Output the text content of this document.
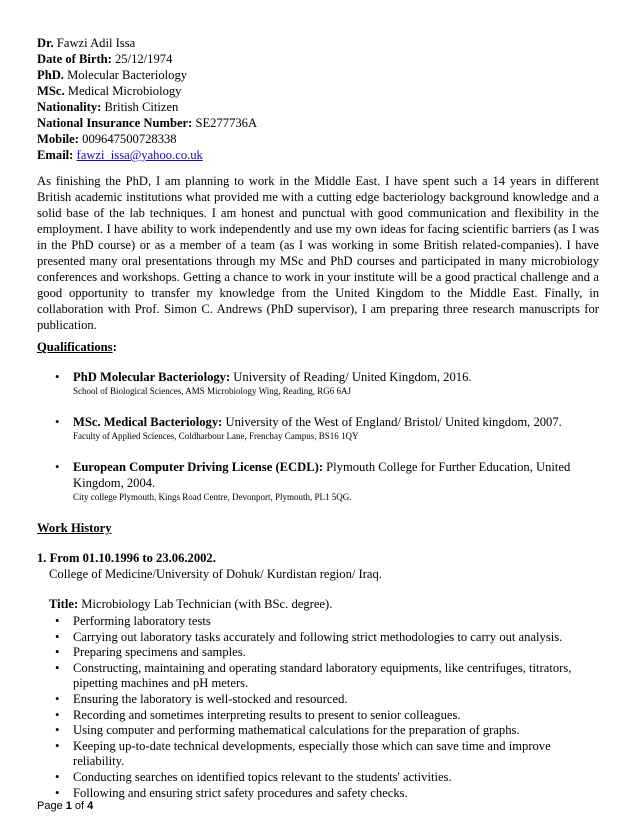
Dr. Fawzi Adil Issa
Date of Birth: 25/12/1974
PhD. Molecular Bacteriology
MSc. Medical Microbiology
Nationality: British Citizen
National Insurance Number: SE277736A
Mobile: 009647500728338
Email: fawzi_issa@yahoo.co.uk
As finishing the PhD, I am planning to work in the Middle East. I have spent such a 14 years in different British academic institutions what provided me with a cutting edge bacteriology background knowledge and a solid base of the lab techniques. I am honest and punctual with good communication and flexibility in the employment. I have ability to work independently and use my own ideas for facing scientific barriers (as I was in the PhD course) or as a member of a team (as I was working in some British related-companies). I have presented many oral presentations through my MSc and PhD courses and participated in many microbiology conferences and workshops. Getting a chance to work in your institute will be a good practical challenge and a good opportunity to transfer my knowledge from the United Kingdom to the Middle East. Finally, in collaboration with Prof. Simon C. Andrews (PhD supervisor), I am preparing three research manuscripts for publication.
Qualifications:
• PhD Molecular Bacteriology: University of Reading/ United Kingdom, 2016.
School of Biological Sciences, AMS Microbiology Wing, Reading, RG6 6AJ
• MSc. Medical Bacteriology: University of the West of England/ Bristol/ United kingdom, 2007.
Faculty of Applied Sciences, Coldharbour Lane, Frenchay Campus, BS16 1QY
• European Computer Driving License (ECDL): Plymouth College for Further Education, United Kingdom, 2004.
City college Plymouth, Kings Road Centre, Devonport, Plymouth, PL1 5QG.
Work History
1. From 01.10.1996 to 23.06.2002.
College of Medicine/University of Dohuk/ Kurdistan region/ Iraq.
Title: Microbiology Lab Technician (with BSc. degree).
• Performing laboratory tests
• Carrying out laboratory tasks accurately and following strict methodologies to carry out analysis.
• Preparing specimens and samples.
• Constructing, maintaining and operating standard laboratory equipments, like centrifuges, titrators, pipetting machines and pH meters.
• Ensuring the laboratory is well-stocked and resourced.
• Recording and sometimes interpreting results to present to senior colleagues.
• Using computer and performing mathematical calculations for the preparation of graphs.
• Keeping up-to-date technical developments, especially those which can save time and improve reliability.
• Conducting searches on identified topics relevant to the students' activities.
• Following and ensuring strict safety procedures and safety checks.
Page 1 of 4
